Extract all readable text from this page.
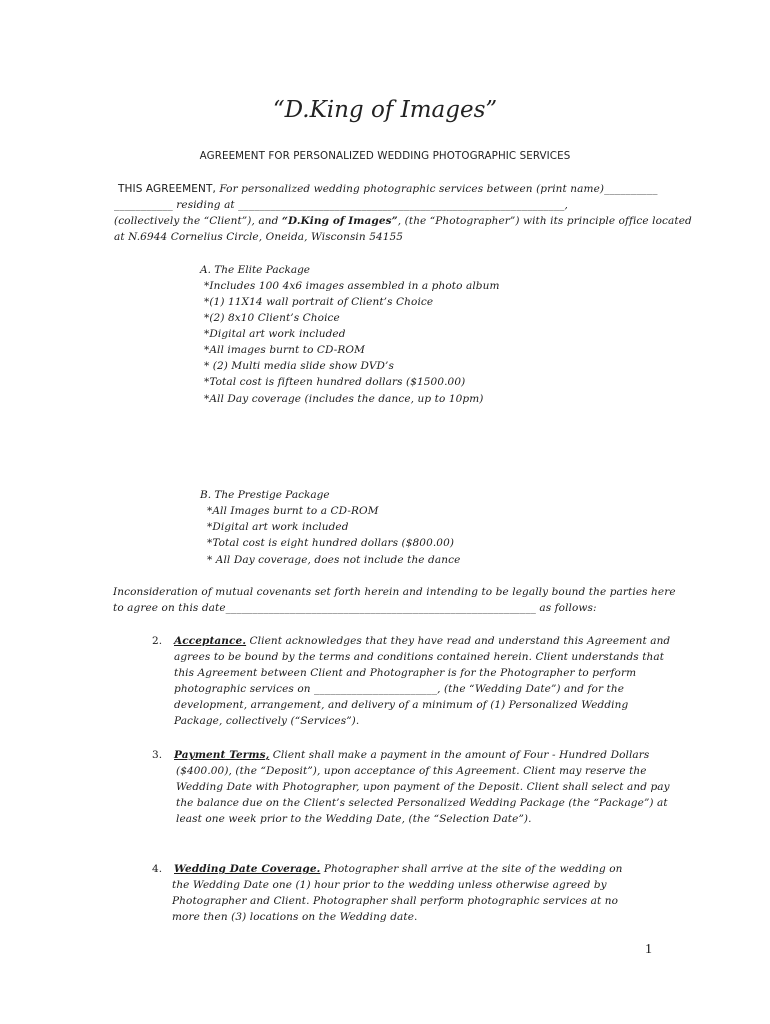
“D.King of Images”
AGREEMENT FOR PERSONALIZED WEDDING PHOTOGRAPHIC SERVICES
THIS AGREEMENT, For personalized wedding photographic services between (print name)__________
___________ residing at _____________________________________________________________,
(collectively the “Client”), and “D.King of Images”, (the “Photographer”) with its principle office located
at N.6944 Cornelius Circle, Oneida, Wisconsin 54155
A. The Elite Package
*Includes 100 4x6 images assembled in a photo album
*(1) 11X14 wall portrait of Client’s Choice
*(2) 8x10 Client’s Choice
*Digital art work included
*All images burnt to CD-ROM
* (2) Multi media slide show DVD’s
*Total cost is fifteen hundred dollars ($1500.00)
*All Day coverage (includes the dance, up to 10pm)
B. The Prestige Package
*All Images burnt to a CD-ROM
*Digital art work included
*Total cost is eight hundred dollars ($800.00)
* All Day coverage, does not include the dance
Inconsideration of mutual covenants set forth herein and intending to be legally bound the parties here
to agree on this date__________________________________________________________ as follows:
2. Acceptance. Client acknowledges that they have read and understand this Agreement and
agrees to be bound by the terms and conditions contained herein. Client understands that
this Agreement between Client and Photographer is for the Photographer to perform
photographic services on _______________________, (the “Wedding Date”) and for the
development, arrangement, and delivery of a minimum of (1) Personalized Wedding
Package, collectively (“Services”).
3. Payment Terms, Client shall make a payment in the amount of Four - Hundred Dollars
($400.00), (the “Deposit”), upon acceptance of this Agreement. Client may reserve the
Wedding Date with Photographer, upon payment of the Deposit. Client shall select and pay
the balance due on the Client’s selected Personalized Wedding Package (the “Package”) at
least one week prior to the Wedding Date, (the “Selection Date”).
4. Wedding Date Coverage. Photographer shall arrive at the site of the wedding on
the Wedding Date one (1) hour prior to the wedding unless otherwise agreed by
Photographer and Client. Photographer shall perform photographic services at no
more then (3) locations on the Wedding date.
1
